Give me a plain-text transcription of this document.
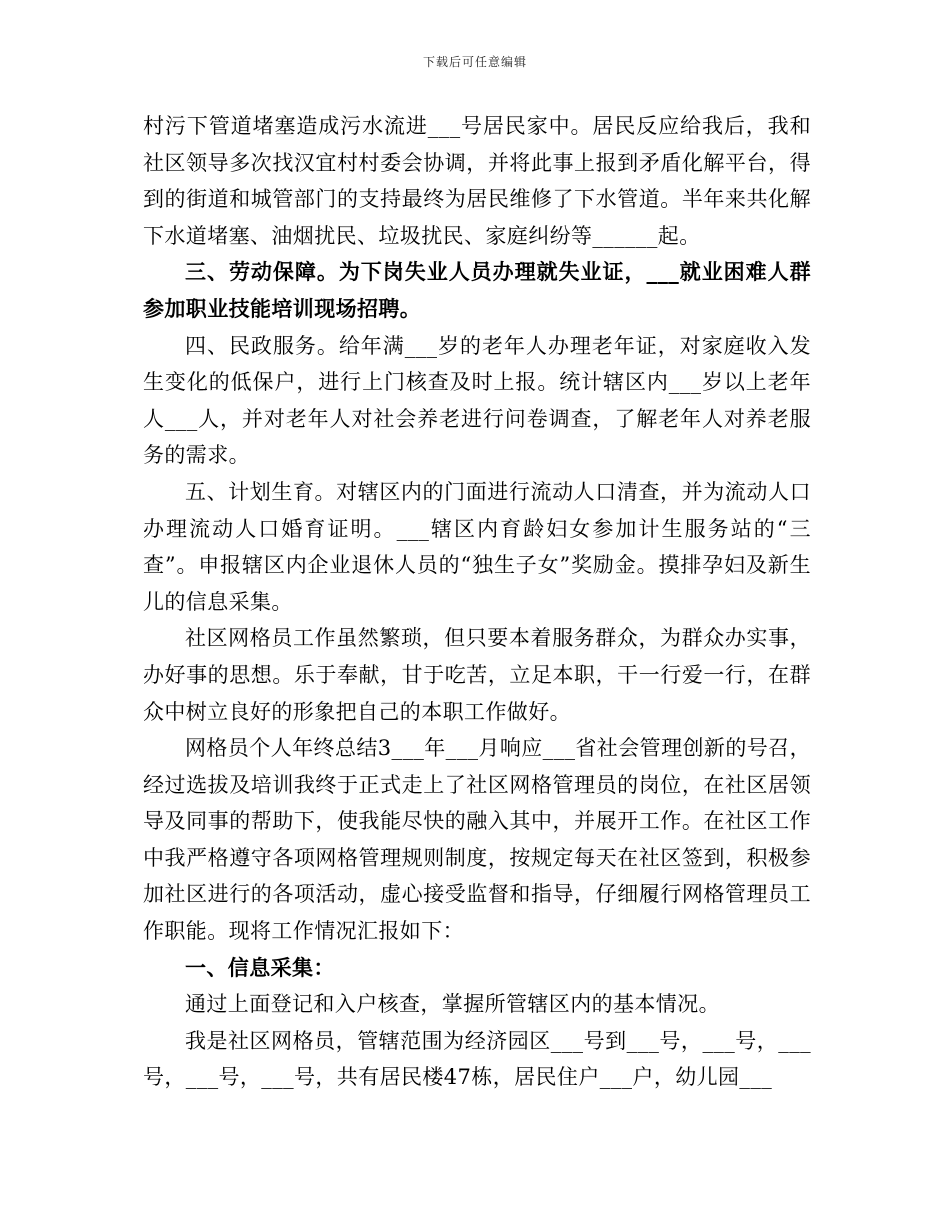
下载后可任意编辑

村污下管道堵塞造成污水流进___号居民家中。居民反应给我后，我和社区领导多次找汉宜村村委会协调，并将此事上报到矛盾化解平台，得到的街道和城管部门的支持最终为居民维修了下水管道。半年来共化解下水道堵塞、油烟扰民、垃圾扰民、家庭纠纷等______起。

三、劳动保障。为下岗失业人员办理就失业证，___就业困难人群参加职业技能培训现场招聘。

四、民政服务。给年满___岁的老年人办理老年证，对家庭收入发生变化的低保户，进行上门核查及时上报。统计辖区内___岁以上老年人___人，并对老年人对社会养老进行问卷调查，了解老年人对养老服务的需求。

五、计划生育。对辖区内的门面进行流动人口清查，并为流动人口办理流动人口婚育证明。___辖区内育龄妇女参加计生服务站的“三查”。申报辖区内企业退休人员的“独生子女”奖励金。摸排孕妇及新生儿的信息采集。

社区网格员工作虽然繁琐，但只要本着服务群众，为群众办实事，办好事的思想。乐于奉献，甘于吃苦，立足本职，干一行爱一行，在群众中树立良好的形象把自己的本职工作做好。

网格员个人年终总结3___年___月响应___省社会管理创新的号召，经过选拔及培训我终于正式走上了社区网格管理员的岗位，在社区居领导及同事的帮助下，使我能尽快的融入其中，并展开工作。在社区工作中我严格遵守各项网格管理规则制度，按规定每天在社区签到，积极参加社区进行的各项活动，虚心接受监督和指导，仔细履行网格管理员工作职能。现将工作情况汇报如下：

一、信息采集：

通过上面登记和入户核查，掌握所管辖区内的基本情况。

我是社区网格员，管辖范围为经济园区___号到___号，___号，___号，___号，___号，共有居民楼47栋，居民住户___户，幼儿园___
